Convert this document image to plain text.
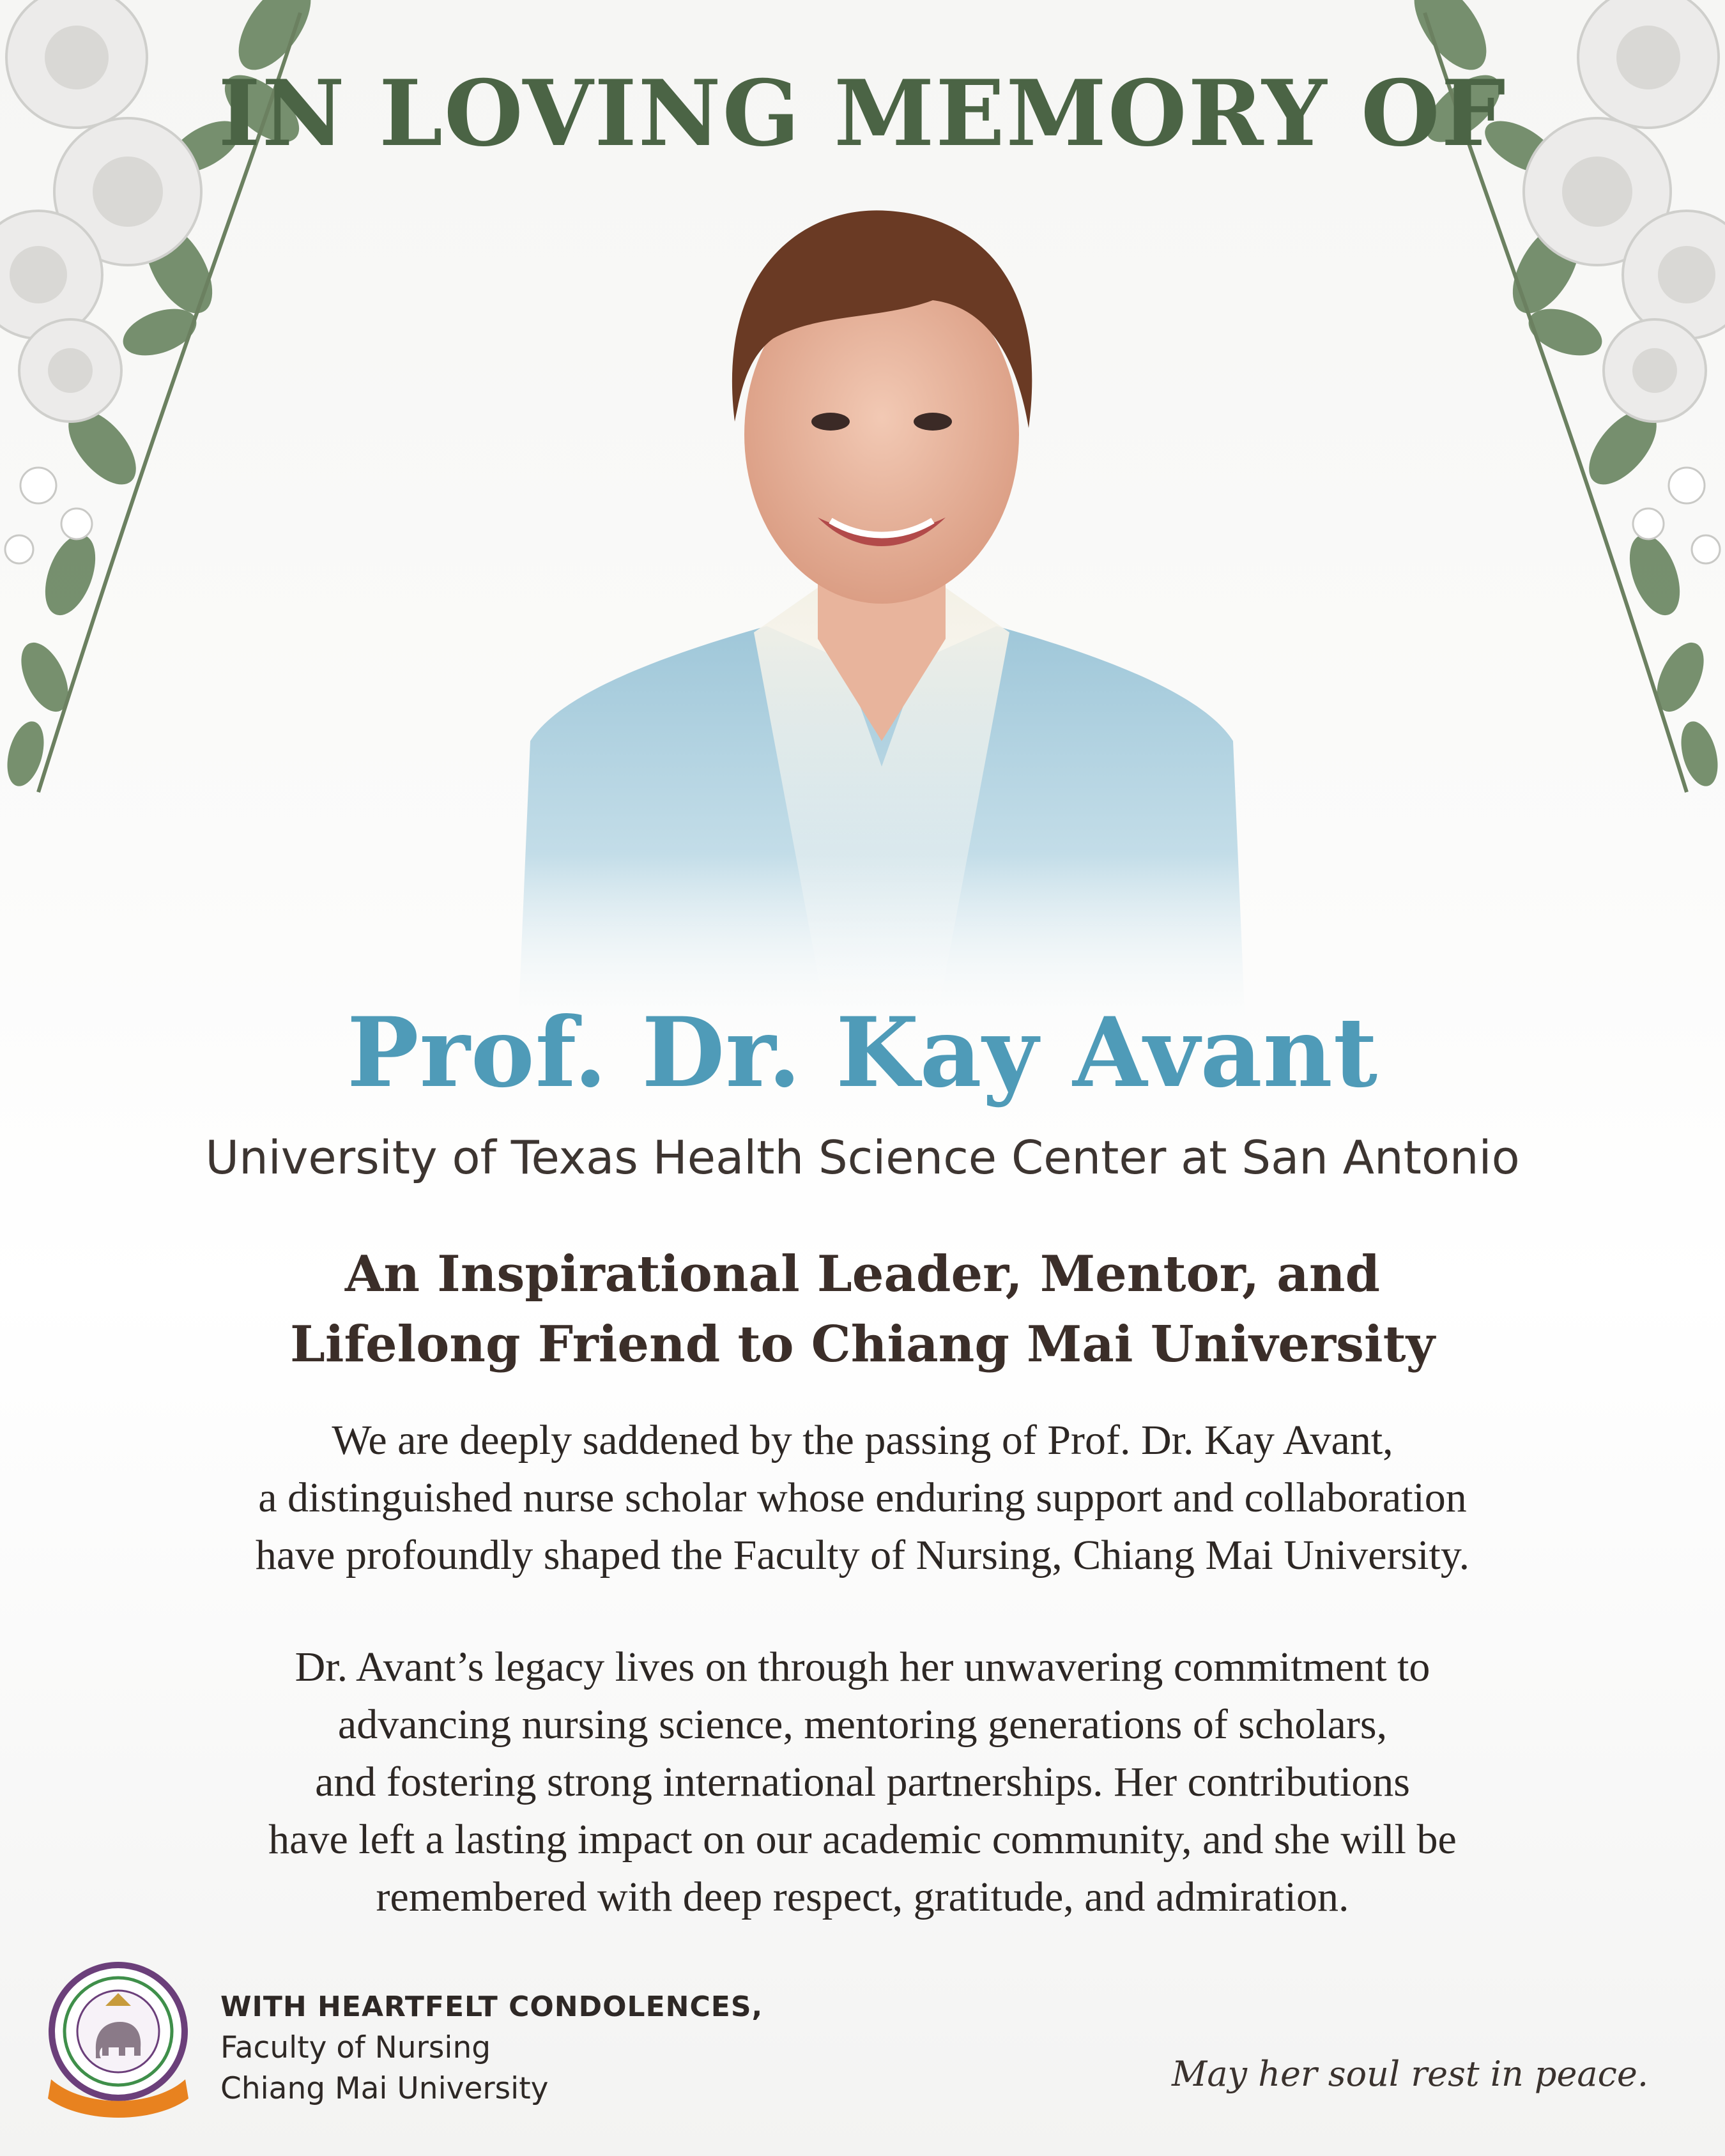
IN LOVING MEMORY OF
Prof. Dr. Kay Avant
University of Texas Health Science Center at San Antonio
An Inspirational Leader, Mentor, and
Lifelong Friend to Chiang Mai University
We are deeply saddened by the passing of Prof. Dr. Kay Avant,
a distinguished nurse scholar whose enduring support and collaboration
have profoundly shaped the Faculty of Nursing, Chiang Mai University.
Dr. Avant’s legacy lives on through her unwavering commitment to
advancing nursing science, mentoring generations of scholars,
and fostering strong international partnerships. Her contributions
have left a lasting impact on our academic community, and she will be
remembered with deep respect, gratitude, and admiration.
WITH HEARTFELT CONDOLENCES,
Faculty of Nursing
Chiang Mai University	May her soul rest in peace.
